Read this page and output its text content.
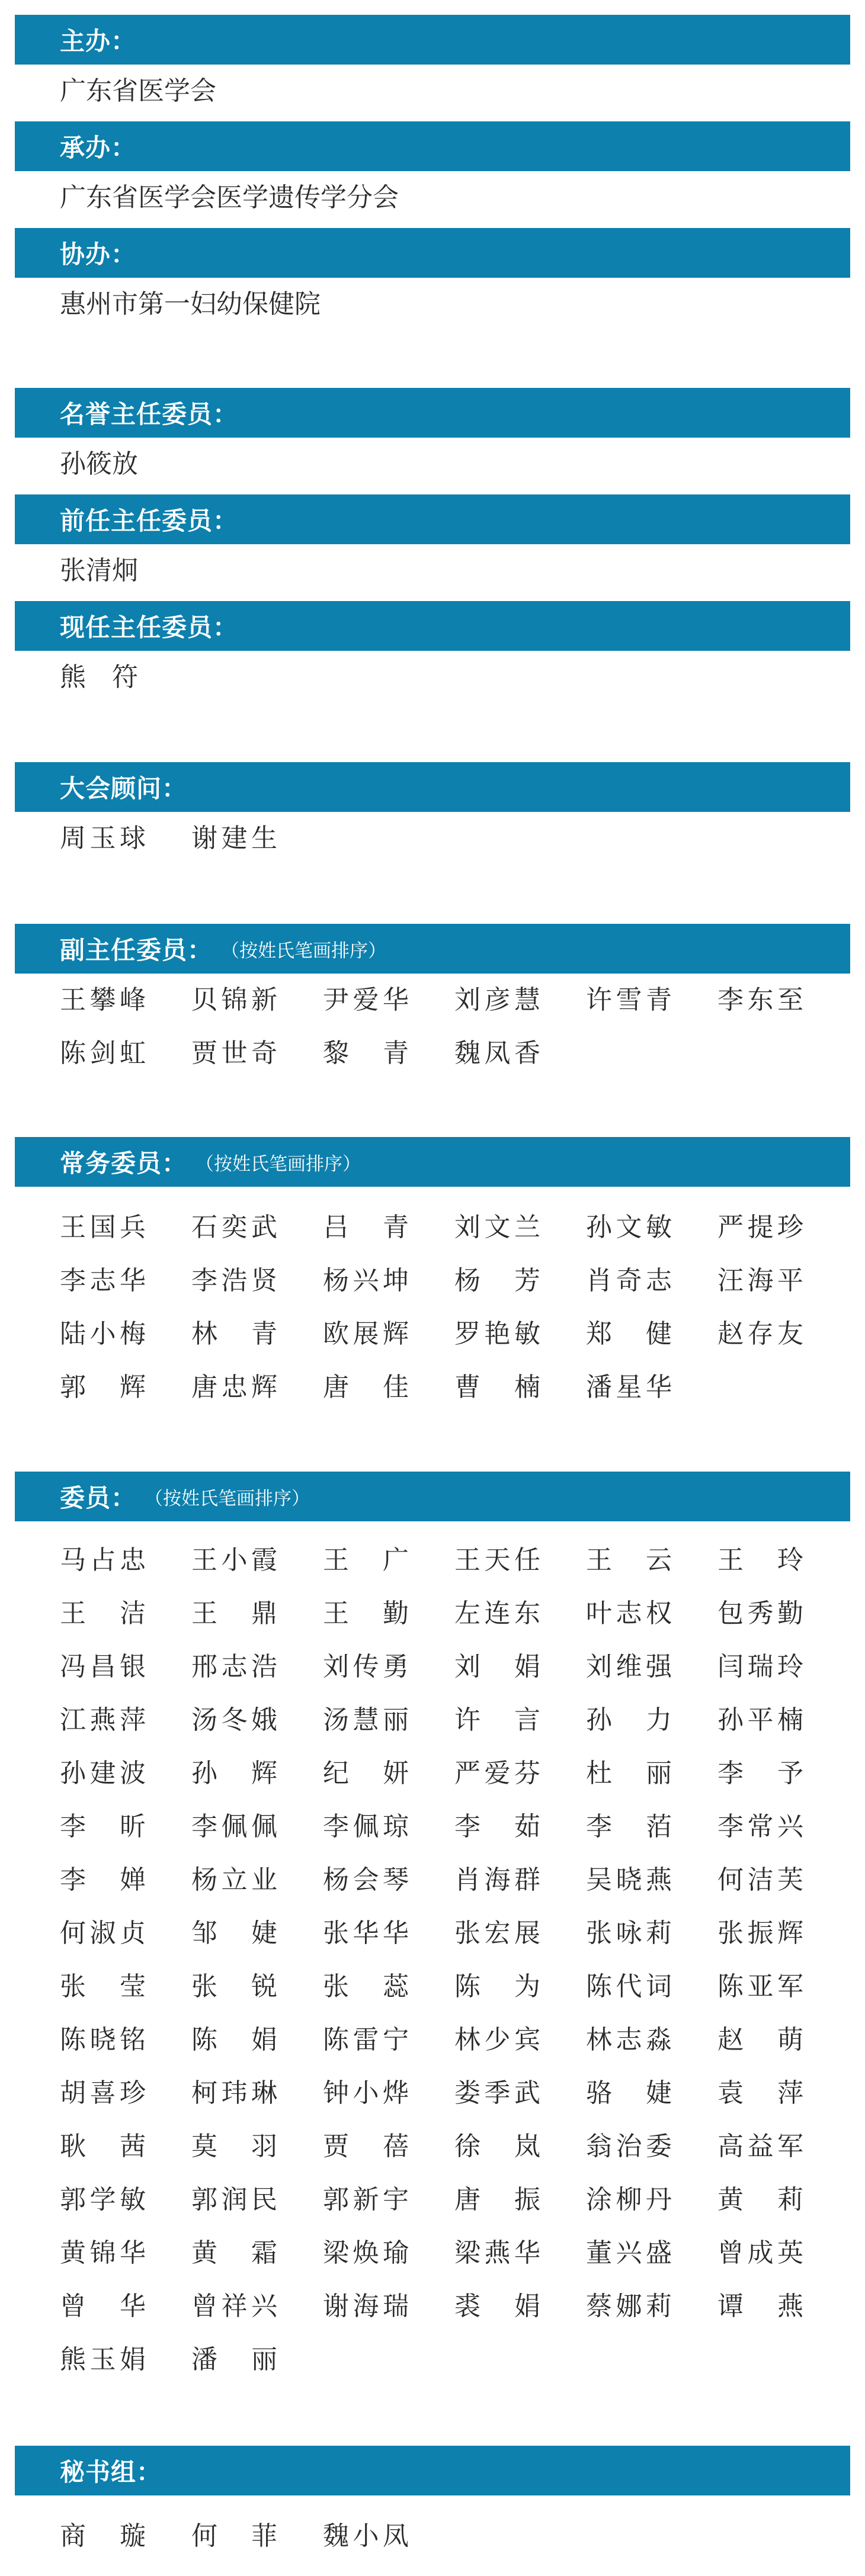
主办：
广东省医学会
承办：
广东省医学会医学遗传学分会
协办：
惠州市第一妇幼保健院
名誉主任委员：
孙筱放
前任主任委员：
张清炯
现任主任委员：
熊　符
大会顾问：
周玉球	谢建生
副主任委员： （按姓氏笔画排序）
王攀峰	贝锦新	尹爱华	刘彦慧	许雪青	李东至
陈剑虹	贾世奇	黎　青	魏凤香
常务委员： （按姓氏笔画排序）
王国兵	石奕武	吕　青	刘文兰	孙文敏	严提珍
李志华	李浩贤	杨兴坤	杨　芳	肖奇志	汪海平
陆小梅	林　青	欧展辉	罗艳敏	郑　健	赵存友
郭　辉	唐忠辉	唐　佳	曹　楠	潘星华
委员： （按姓氏笔画排序）
马占忠	王小霞	王　广	王天任	王　云	王　玲
王　洁	王　鼎	王　勤	左连东	叶志权	包秀勤
冯昌银	邢志浩	刘传勇	刘　娟	刘维强	闫瑞玲
江燕萍	汤冬娥	汤慧丽	许　言	孙　力	孙平楠
孙建波	孙　辉	纪　妍	严爱芬	杜　丽	李　予
李　昕	李佩佩	李佩琼	李　茹	李　萡	李常兴
李　婵	杨立业	杨会琴	肖海群	吴晓燕	何洁芙
何淑贞	邹　婕	张华华	张宏展	张咏莉	张振辉
张　莹	张　锐	张　蕊	陈　为	陈代词	陈亚军
陈晓铭	陈　娟	陈雷宁	林少宾	林志淼	赵　萌
胡喜珍	柯玮琳	钟小烨	娄季武	骆　婕	袁　萍
耿　茜	莫　羽	贾　蓓	徐　岚	翁治委	高益军
郭学敏	郭润民	郭新宇	唐　振	涂柳丹	黄　莉
黄锦华	黄　霜	梁焕瑜	梁燕华	董兴盛	曾成英
曾　华	曾祥兴	谢海瑞	裘　娟	蔡娜莉	谭　燕
熊玉娟	潘　丽
秘书组：
商　璇	何　菲	魏小凤
